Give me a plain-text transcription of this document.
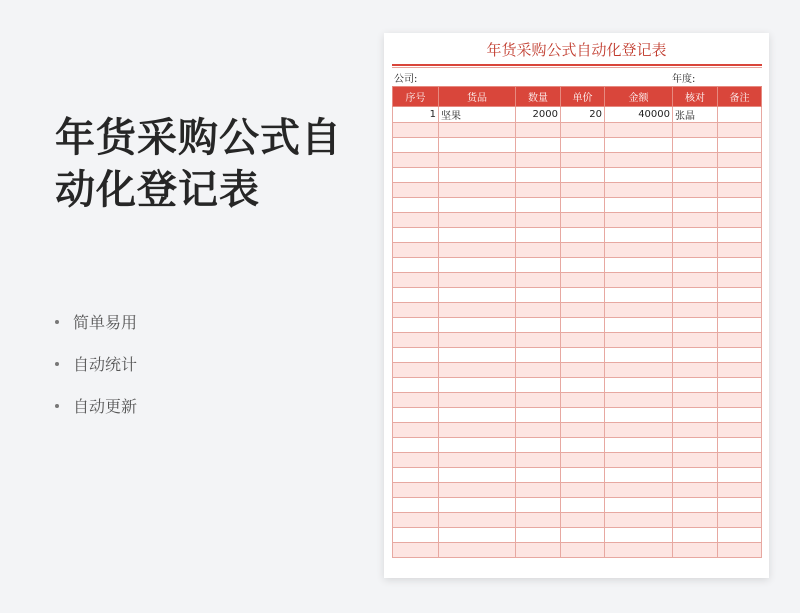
年货采购公式自动化登记表
简单易用
自动统计
自动更新
年货采购公式自动化登记表
公司:	年度:
序号	货品	数量	单价	金额	核对	备注
1	坚果	2000	20	40000	张晶	
